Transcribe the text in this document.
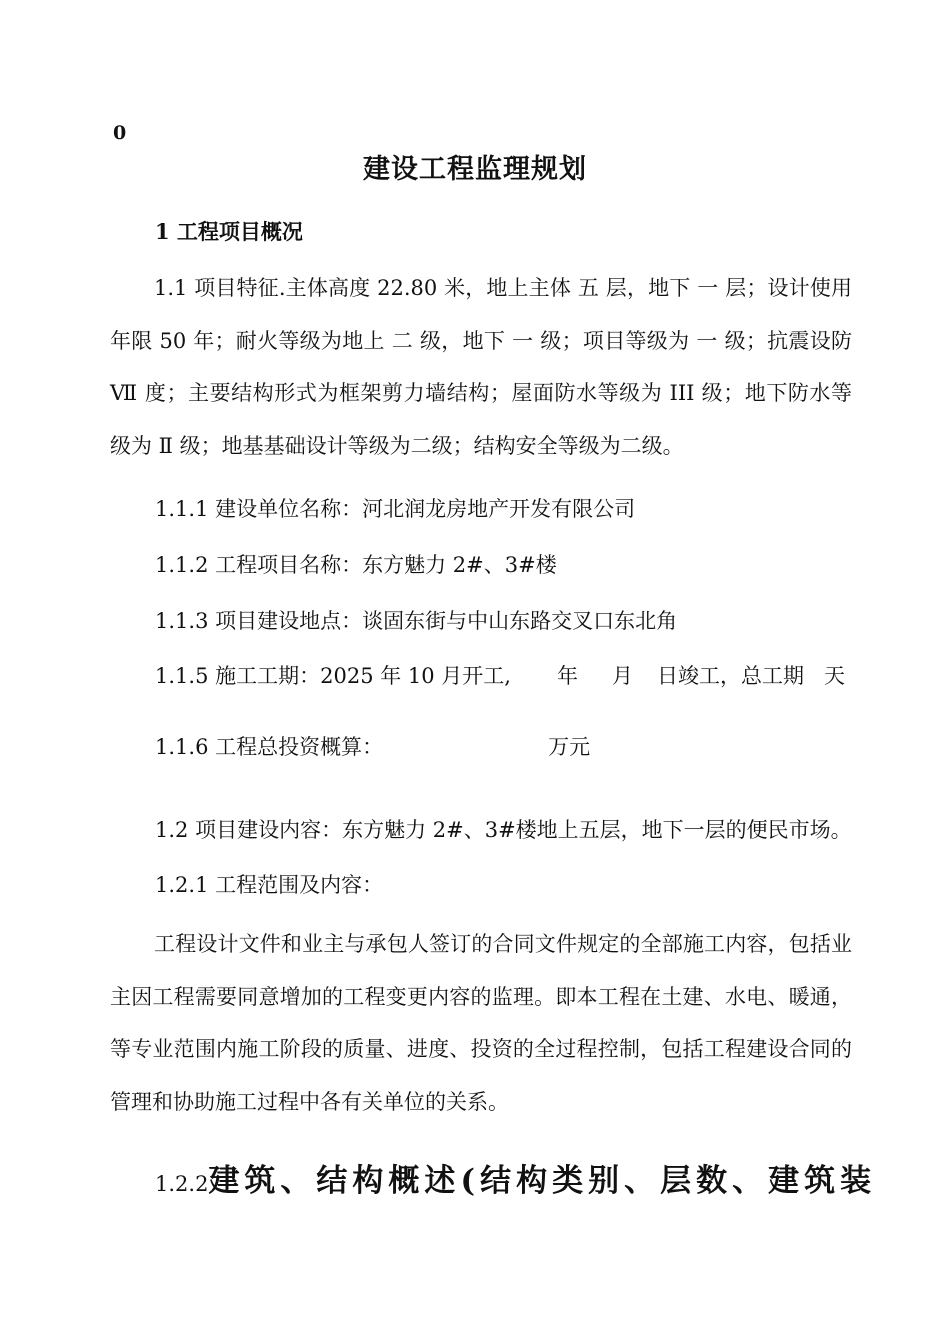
0
建设工程监理规划
1 工程项目概况
1.1 项目特征.主体高度 22.80 米，地上主体 五 层，地下 一 层；设计使用年限 50 年；耐火等级为地上 二 级，地下 一 级；项目等级为 一 级；抗震设防 Ⅶ 度；主要结构形式为框架剪力墙结构；屋面防水等级为 III 级；地下防水等级为 Ⅱ 级；地基基础设计等级为二级；结构安全等级为二级。
1.1.1 建设单位名称：河北润龙房地产开发有限公司
1.1.2 工程项目名称：东方魅力 2#、3#楼
1.1.3 项目建设地点：谈固东街与中山东路交叉口东北角
1.1.5 施工工期：2025 年 10 月开工, 年 月 日竣工，总工期 天
1.1.6 工程总投资概算：	万元
1.2 项目建设内容：东方魅力 2#、3#楼地上五层，地下一层的便民市场。
1.2.1 工程范围及内容：
工程设计文件和业主与承包人签订的合同文件规定的全部施工内容，包括业主因工程需要同意增加的工程变更内容的监理。即本工程在土建、水电、暖通，等专业范围内施工阶段的质量、进度、投资的全过程控制，包括工程建设合同的管理和协助施工过程中各有关单位的关系。
1.2.2建筑、结构概述(结构类别、层数、建筑装
